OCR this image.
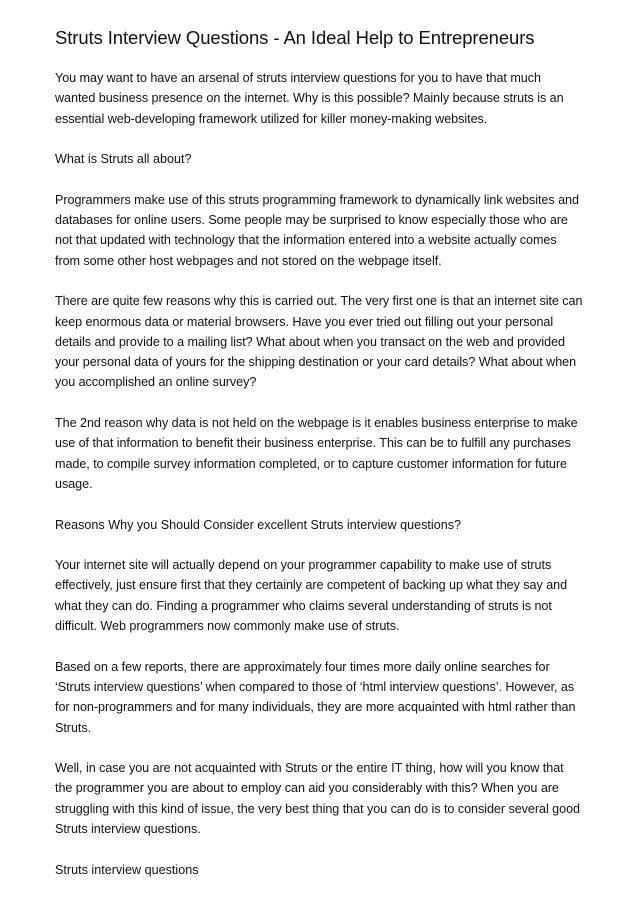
Struts Interview Questions - An Ideal Help to Entrepreneurs

You may want to have an arsenal of struts interview questions for you to have that much wanted business presence on the internet. Why is this possible? Mainly because struts is an essential web-developing framework utilized for killer money-making websites.

What is Struts all about?

Programmers make use of this struts programming framework to dynamically link websites and databases for online users. Some people may be surprised to know especially those who are not that updated with technology that the information entered into a website actually comes from some other host webpages and not stored on the webpage itself.

There are quite few reasons why this is carried out. The very first one is that an internet site can keep enormous data or material browsers. Have you ever tried out filling out your personal details and provide to a mailing list? What about when you transact on the web and provided your personal data of yours for the shipping destination or your card details? What about when you accomplished an online survey?

The 2nd reason why data is not held on the webpage is it enables business enterprise to make use of that information to benefit their business enterprise. This can be to fulfill any purchases made, to compile survey information completed, or to capture customer information for future usage.

Reasons Why you Should Consider excellent Struts interview questions?

Your internet site will actually depend on your programmer capability to make use of struts effectively, just ensure first that they certainly are competent of backing up what they say and what they can do. Finding a programmer who claims several understanding of struts is not difficult. Web programmers now commonly make use of struts.

Based on a few reports, there are approximately four times more daily online searches for ‘Struts interview questions’ when compared to those of ‘html interview questions’. However, as for non-programmers and for many individuals, they are more acquainted with html rather than Struts.

Well, in case you are not acquainted with Struts or the entire IT thing, how will you know that the programmer you are about to employ can aid you considerably with this? When you are struggling with this kind of issue, the very best thing that you can do is to consider several good Struts interview questions.

Struts interview questions
